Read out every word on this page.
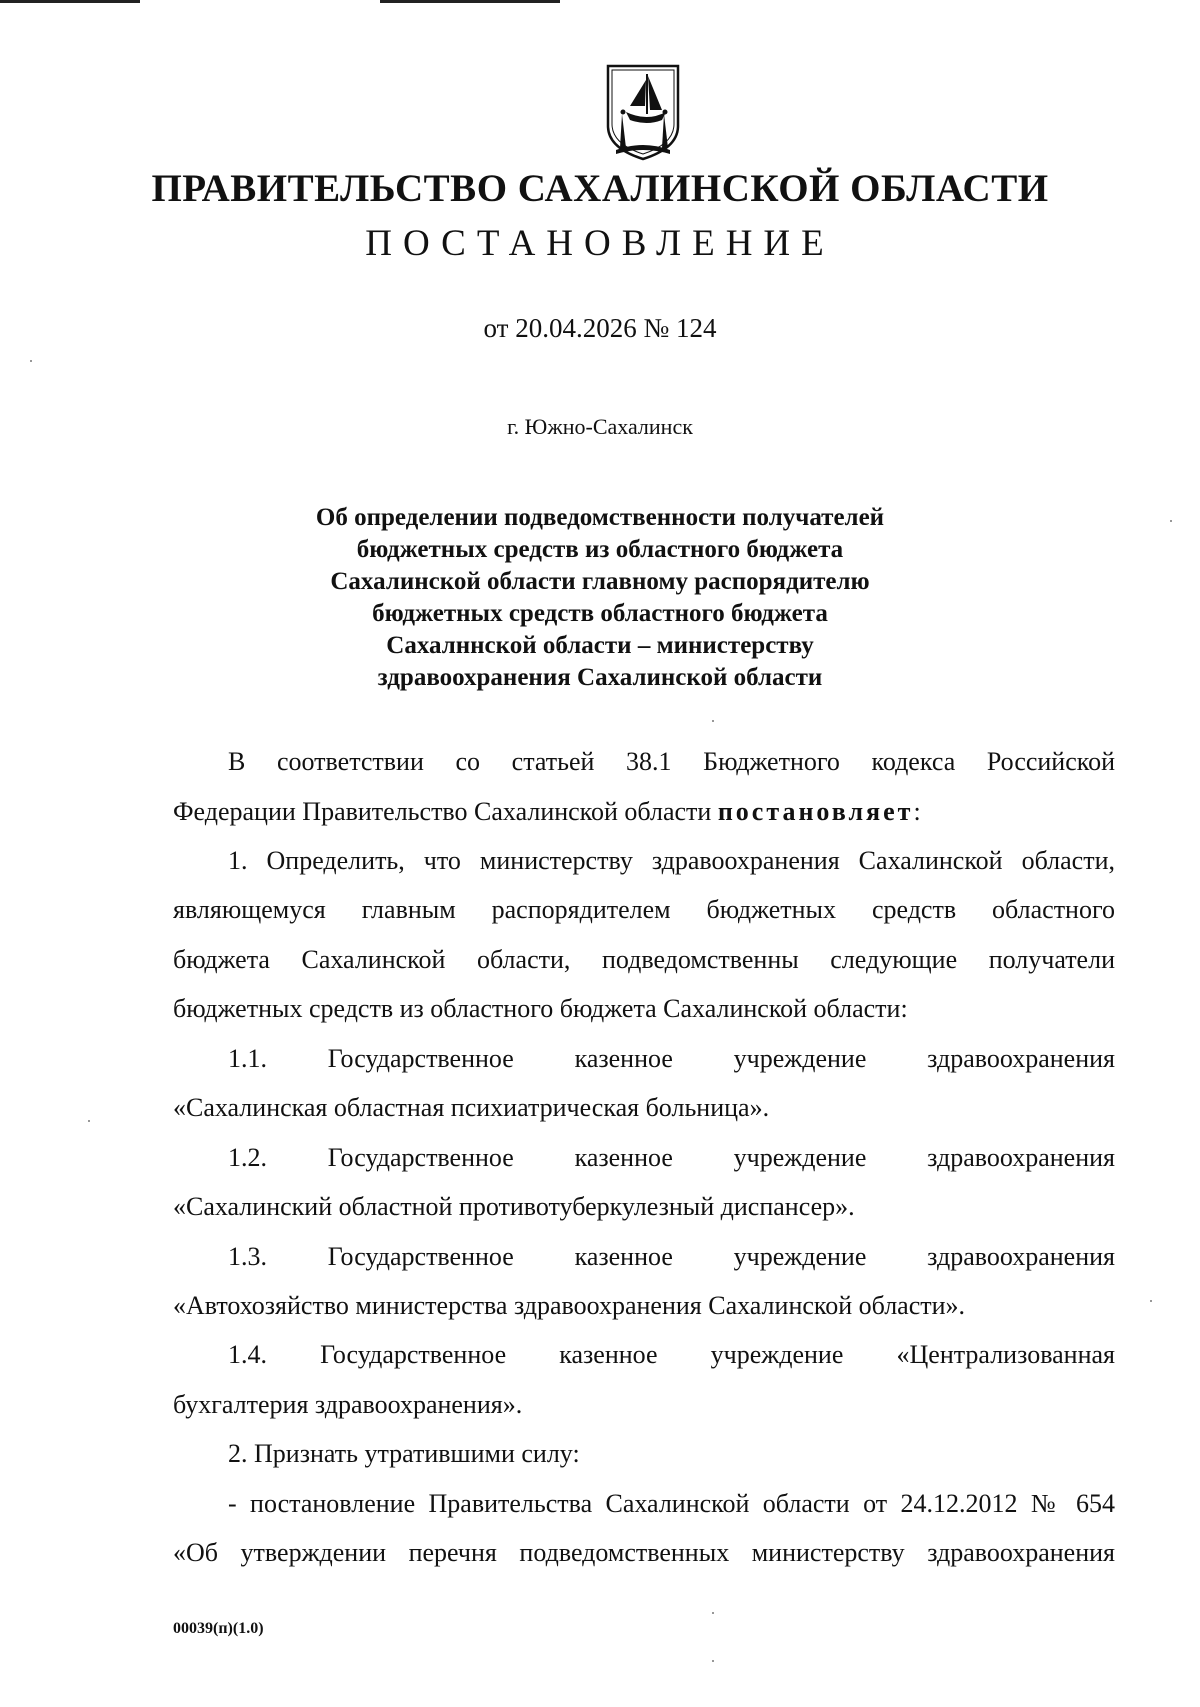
ПРАВИТЕЛЬСТВО САХАЛИНСКОЙ ОБЛАСТИ
ПОСТАНОВЛЕНИЕ
от 20.04.2026 № 124
г. Южно-Сахалинск
Об определении подведомственности получателей
бюджетных средств из областного бюджета
Сахалинской области главному распорядителю
бюджетных средств областного бюджета
Сахалннской области – министерству
здравоохранения Сахалинской области
В соответствии со статьей 38.1 Бюджетного кодекса Российской
Федерации Правительство Сахалинской области постановляет:
1. Определить, что министерству здравоохранения Сахалинской области,
являющемуся главным распорядителем бюджетных средств областного
бюджета Сахалинской области, подведомственны следующие получатели
бюджетных средств из областного бюджета Сахалинской области:
1.1. Государственное казенное учреждение здравоохранения
«Сахалинская областная психиатрическая больница».
1.2. Государственное казенное учреждение здравоохранения
«Сахалинский областной противотуберкулезный диспансер».
1.3. Государственное казенное учреждение здравоохранения
«Автохозяйство министерства здравоохранения Сахалинской области».
1.4. Государственное казенное учреждение «Централизованная
бухгалтерия здравоохранения».
2. Признать утратившими силу:
- постановление Правительства Сахалинской области от 24.12.2012 № 654
«Об утверждении перечня подведомственных министерству здравоохранения
00039(п)(1.0)
